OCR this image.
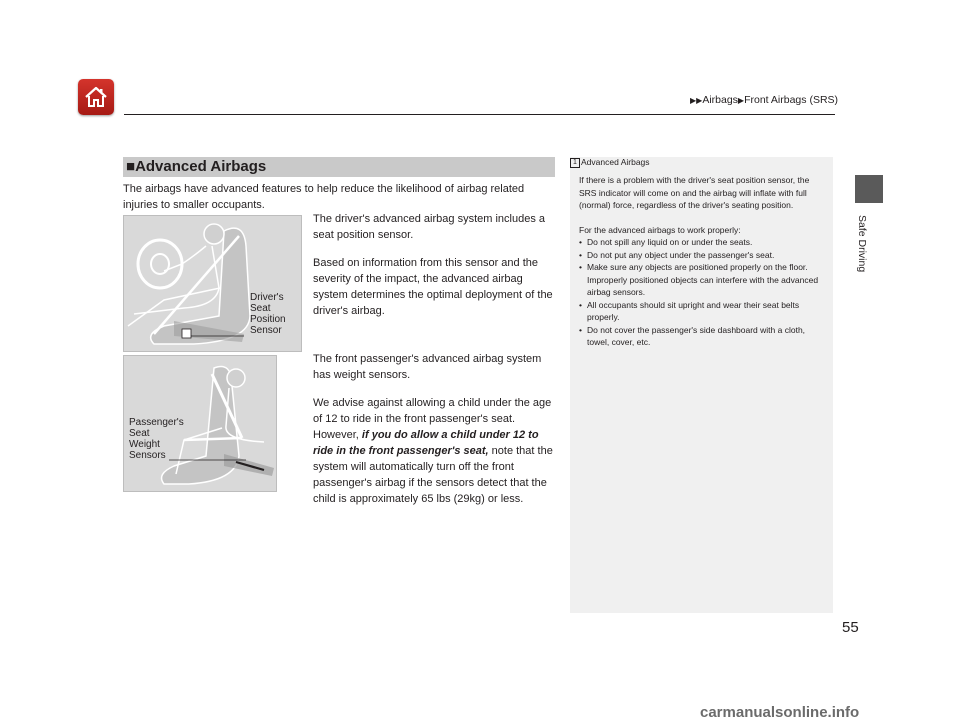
▶▶Airbags▶Front Airbags (SRS)
Safe Driving
■Advanced Airbags
The airbags have advanced features to help reduce the likelihood of airbag related injuries to smaller occupants.
Driver's
Seat
Position
Sensor
Passenger's
Seat
Weight
Sensors

The driver's advanced airbag system includes a seat position sensor.

Based on information from this sensor and the severity of the impact, the advanced airbag system determines the optimal deployment of the driver's airbag.

The front passenger's advanced airbag system has weight sensors.

We advise against allowing a child under the age of 12 to ride in the front passenger's seat. However, if you do allow a child under 12 to ride in the front passenger's seat, note that the system will automatically turn off the front passenger's airbag if the sensors detect that the child is approximately 65 lbs (29kg) or less.

1 Advanced Airbags

If there is a problem with the driver's seat position sensor, the SRS indicator will come on and the airbag will inflate with full (normal) force, regardless of the driver's seating position.

For the advanced airbags to work properly:

• Do not spill any liquid on or under the seats.
• Do not put any object under the passenger's seat.
• Make sure any objects are positioned properly on the floor. Improperly positioned objects can interfere with the advanced airbag sensors.
• All occupants should sit upright and wear their seat belts properly.
• Do not cover the passenger's side dashboard with a cloth, towel, cover, etc.
55
carmanualsonline.info
